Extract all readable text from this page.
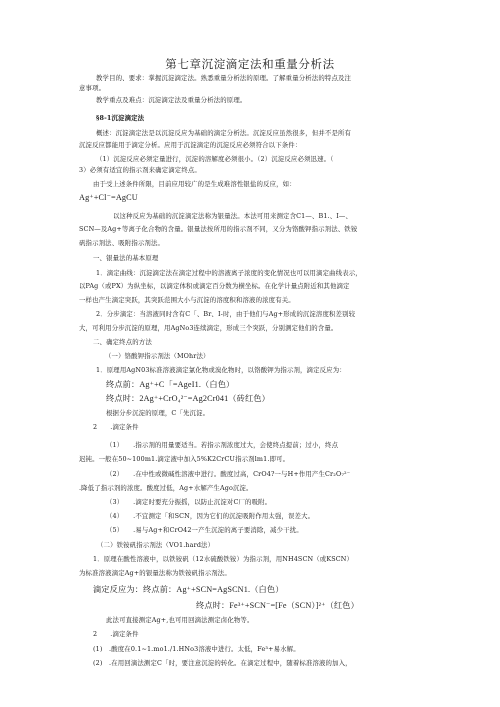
第七章沉淀滴定法和重量分析法
教学目的、要求：掌握沉淀滴定法。熟悉重量分析法的原理。了解重量分析法的特点及注
意事项。
教学重点及难点：沉淀滴定法及重量分析法的原理。
§8-1沉淀滴定法
概述：沉淀滴定法是以沉淀反应为基础的滴定分析法。沉淀反应虽然很多，但并不是所有
沉淀反应都能用于滴定分析。应用于沉淀滴定的沉淀反应必须符合以下条件：
（1）沉淀反应必须定量进行，沉淀的溶解度必须很小。（2）沉淀反应必须迅速。（
3）必须有适宜的指示剂来确定滴定终点。
由于受上述条件所限，目前应用较广的是生成难溶性银盐的反应，如：
Ag⁺+Cl⁻=AgCU
以这种反应为基础的沉淀滴定法称为银量法。本法可用来测定含C1—、B1.、I—、
SCN—及Ag+等离子化合物的含量。银量法按所用的指示剂不同，又分为铬酸钾指示剂法、铁铵
矾指示剂法、吸附指示剂法。
一、银量法的基本原理
1．滴定曲线：沉淀滴定法在滴定过程中的溶液离子浓度的变化情况也可以用滴定曲线表示，
以PAg（或PX）为纵坐标，以滴定体积或滴定百分数为横坐标。在化学计量点附近和其他滴定
一样也产生滴定突跃，其突跃范围大小与沉淀的溶度积和溶液的浓度有关。
2．分步滴定：当溶液同时含有C「、Br、I-时，由于他们与Ag+形成的沉淀溶度积差别较
大，可利用分步沉淀的原理，用AgNo3连续滴定，形成三个突跃，分别测定他们的含量。
二、确定终点的方法
（一）铬酸钾指示剂法（MOhr法）
1．原理用AgN03标准溶液滴定氯化物或溴化物时，以铬酸钾为指示剂，滴定反应为：
终点前：Ag⁺+C「=AgeI1.（白色）
终点时：2Ag⁺+CrO₄²⁻=Ag2Cr041（砖红色）
根据分步沉淀的原理，C「先沉淀。
2　　.滴定条件
（1）　　.指示剂的用量要适当。若指示剂浓度过大，会使终点提前；过小，终点
迟钝。一般在50~100m1.滴定液中加入5%K2CrCU指示剂lm1.即可。
（2）　　.在中性或微碱性溶液中进行。酸度过高，CrO4?一与H+作用产生Cr₂O₇²⁻
.降低了指示剂的浓度。酸度过低，Ag+水解产生Ago沉淀。
（3）　　.滴定时要充分振摇，以防止沉淀对C厂的吸附。
（4）　　.不宜测定「和SCN，因为它们的沉淀吸附作用太强，误差大。
（5）　　.易与Ag+和CrO42一产生沉淀的离子要消除，减少干扰。
（二）铁铵矾指示剂法（VO1.hard法）
1．原理在酸性溶液中，以铁铵矾（12水硫酸铁铵）为指示剂，用NH4SCN（或KSCN）
为标准溶液滴定Ag+的银量法称为铁铵矾指示剂法。
滴定反应为：终点前：Ag⁺+SCN=AgSCN1.（白色）
终点时：Fe³⁺+SCN⁻=[Fe（SCN）]²⁺（红色）
此法可直接测定Ag+,也可用回滴法测定卤化物等。
2　　.滴定条件
(1)　.酸度在0.1~1.mo1./1.HNo3溶液中进行。太低，Fe³+易水解。
(2)　.在用回滴法测定C「时，要注意沉淀的转化。在滴定过程中，随着标准溶液的加入，
